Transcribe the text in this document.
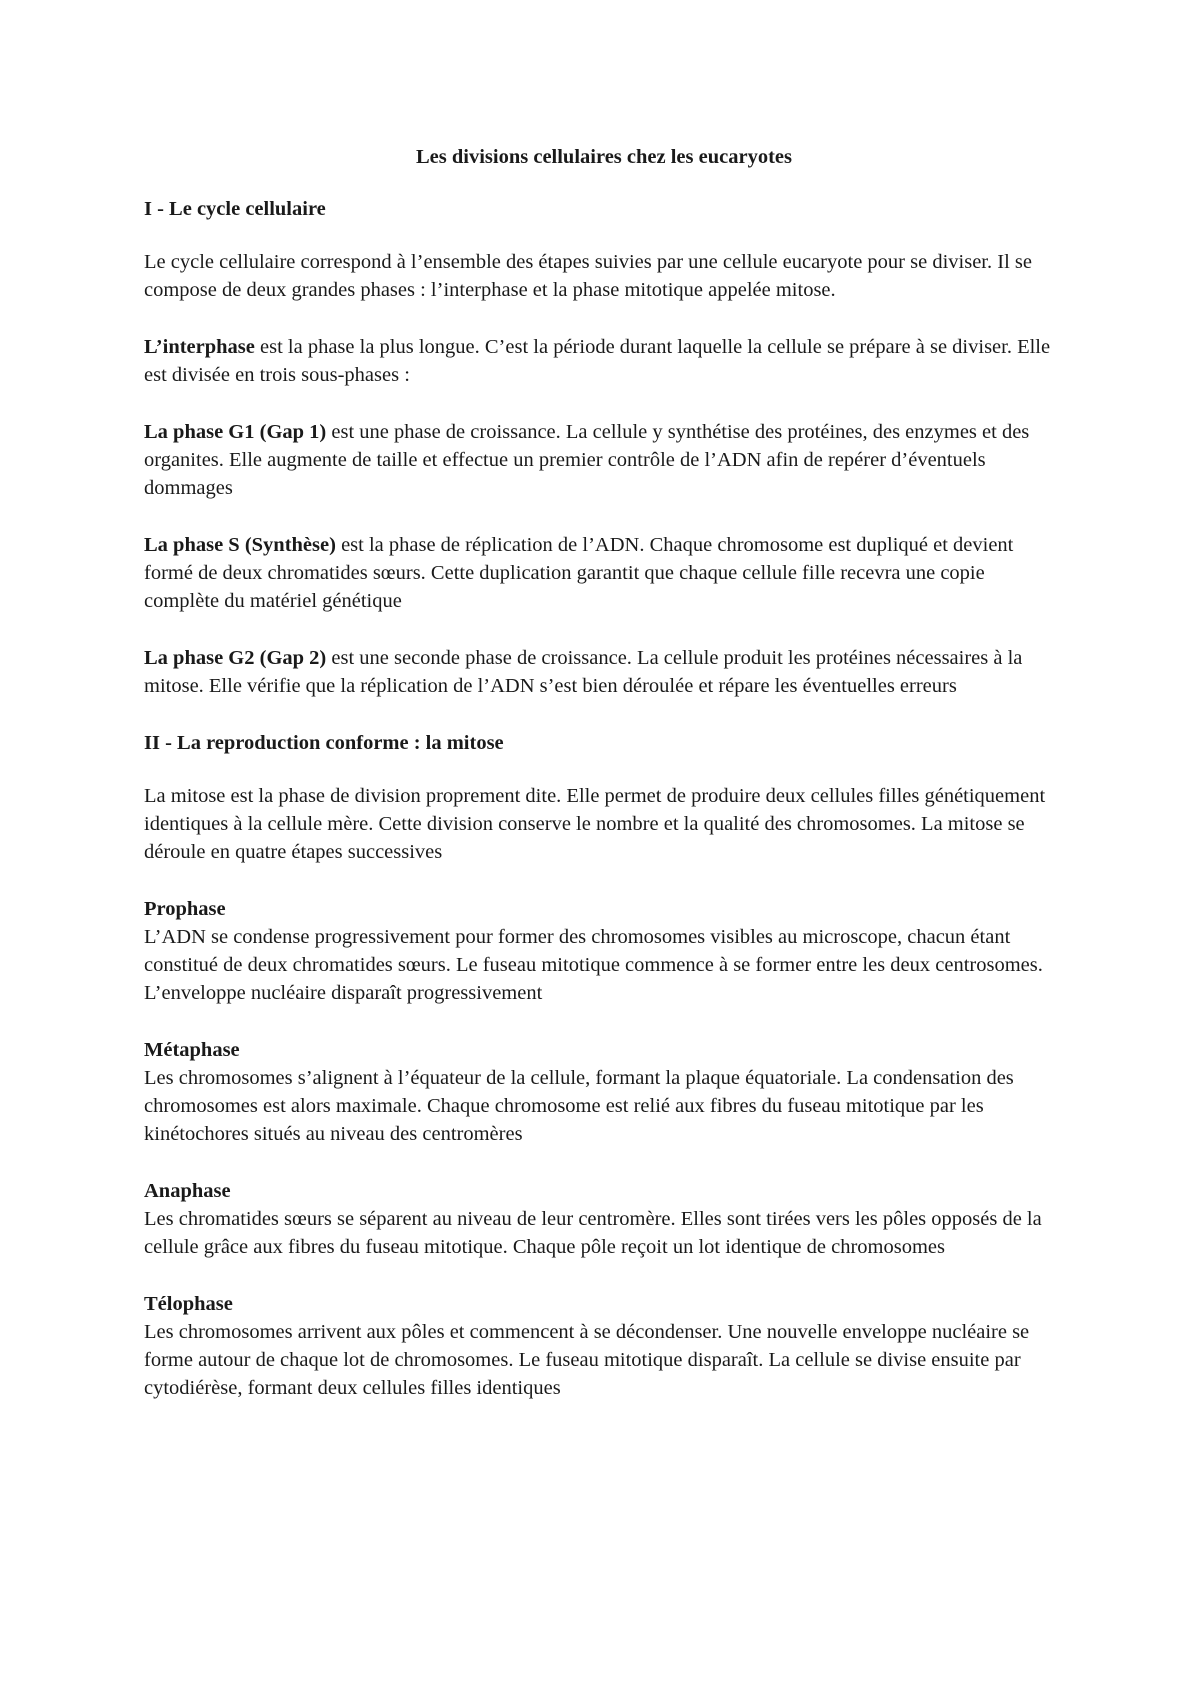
Les divisions cellulaires chez les eucaryotes
I - Le cycle cellulaire

Le cycle cellulaire correspond à l’ensemble des étapes suivies par une cellule eucaryote pour se diviser. Il se compose de deux grandes phases : l’interphase et la phase mitotique appelée mitose.

L’interphase est la phase la plus longue. C’est la période durant laquelle la cellule se prépare à se diviser. Elle est divisée en trois sous-phases :

La phase G1 (Gap 1) est une phase de croissance. La cellule y synthétise des protéines, des enzymes et des organites. Elle augmente de taille et effectue un premier contrôle de l’ADN afin de repérer d’éventuels dommages

La phase S (Synthèse) est la phase de réplication de l’ADN. Chaque chromosome est dupliqué et devient formé de deux chromatides sœurs. Cette duplication garantit que chaque cellule fille recevra une copie complète du matériel génétique

La phase G2 (Gap 2) est une seconde phase de croissance. La cellule produit les protéines nécessaires à la mitose. Elle vérifie que la réplication de l’ADN s’est bien déroulée et répare les éventuelles erreurs

II - La reproduction conforme : la mitose

La mitose est la phase de division proprement dite. Elle permet de produire deux cellules filles génétiquement identiques à la cellule mère. Cette division conserve le nombre et la qualité des chromosomes. La mitose se déroule en quatre étapes successives

Prophase
L’ADN se condense progressivement pour former des chromosomes visibles au microscope, chacun étant constitué de deux chromatides sœurs. Le fuseau mitotique commence à se former entre les deux centrosomes. L’enveloppe nucléaire disparaît progressivement
Métaphase
Les chromosomes s’alignent à l’équateur de la cellule, formant la plaque équatoriale. La condensation des chromosomes est alors maximale. Chaque chromosome est relié aux fibres du fuseau mitotique par les kinétochores situés au niveau des centromères
Anaphase
Les chromatides sœurs se séparent au niveau de leur centromère. Elles sont tirées vers les pôles opposés de la cellule grâce aux fibres du fuseau mitotique. Chaque pôle reçoit un lot identique de chromosomes
Télophase
Les chromosomes arrivent aux pôles et commencent à se décondenser. Une nouvelle enveloppe nucléaire se forme autour de chaque lot de chromosomes. Le fuseau mitotique disparaît. La cellule se divise ensuite par cytodiérèse, formant deux cellules filles identiques
